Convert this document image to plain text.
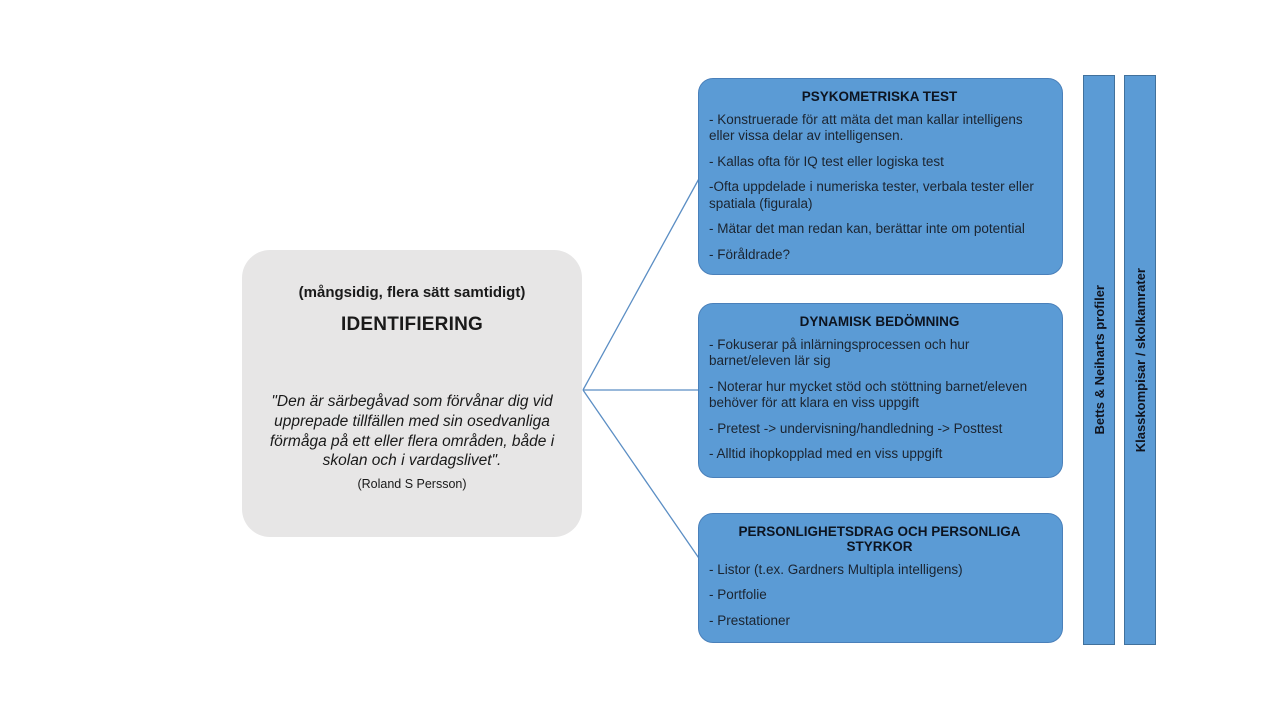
(mångsidig, flera sätt samtidigt)
IDENTIFIERING
"Den är särbegåvad som förvånar dig vid upprepade tillfällen med sin osedvanliga förmåga på ett eller flera områden, både i skolan och i vardagslivet".
(Roland S Persson)
PSYKOMETRISKA TEST

- Konstruerade för att mäta det man kallar intelligens eller vissa delar av intelligensen.

- Kallas ofta för IQ test eller logiska test

-Ofta uppdelade i numeriska tester, verbala tester eller spatiala (figurala)

- Mätar det man redan kan, berättar inte om potential

- Föråldrade?

DYNAMISK BEDÖMNING

- Fokuserar på inlärningsprocessen och hur barnet/eleven lär sig

- Noterar hur mycket stöd och stöttning barnet/eleven behöver för att klara en viss uppgift

- Pretest -> undervisning/handledning -> Posttest

- Alltid ihopkopplad med en viss uppgift

PERSONLIGHETSDRAG OCH PERSONLIGA STYRKOR

- Listor (t.ex. Gardners Multipla intelligens)

- Portfolie

- Prestationer

Betts & Neiharts profiler Klasskompisar / skolkamrater
